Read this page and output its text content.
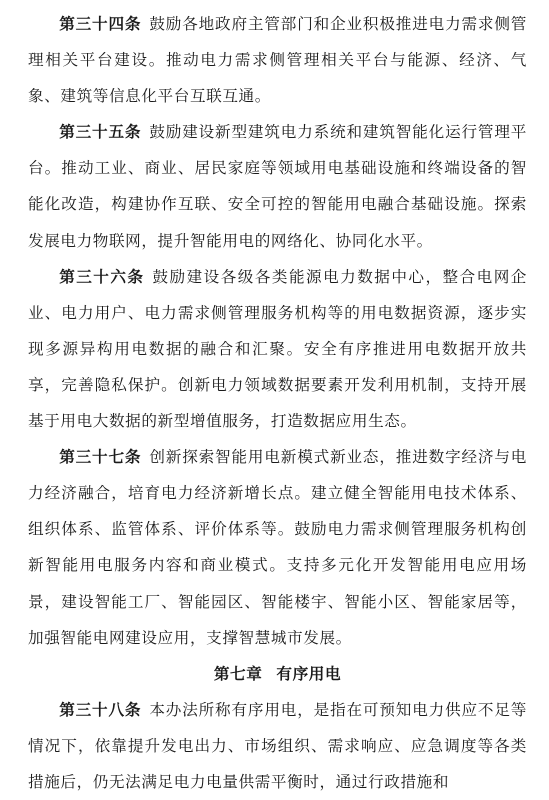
第三十四条 鼓励各地政府主管部门和企业积极推进电力需求侧管理相关平台建设。推动电力需求侧管理相关平台与能源、经济、气象、建筑等信息化平台互联互通。

第三十五条 鼓励建设新型建筑电力系统和建筑智能化运行管理平台。推动工业、商业、居民家庭等领域用电基础设施和终端设备的智能化改造，构建协作互联、安全可控的智能用电融合基础设施。探索发展电力物联网，提升智能用电的网络化、协同化水平。

第三十六条 鼓励建设各级各类能源电力数据中心，整合电网企业、电力用户、电力需求侧管理服务机构等的用电数据资源，逐步实现多源异构用电数据的融合和汇聚。安全有序推进用电数据开放共享，完善隐私保护。创新电力领域数据要素开发利用机制，支持开展基于用电大数据的新型增值服务，打造数据应用生态。

第三十七条 创新探索智能用电新模式新业态，推进数字经济与电力经济融合，培育电力经济新增长点。建立健全智能用电技术体系、组织体系、监管体系、评价体系等。鼓励电力需求侧管理服务机构创新智能用电服务内容和商业模式。支持多元化开发智能用电应用场景，建设智能工厂、智能园区、智能楼宇、智能小区、智能家居等，加强智能电网建设应用，支撑智慧城市发展。

第七章 有序用电

第三十八条 本办法所称有序用电，是指在可预知电力供应不足等情况下，依靠提升发电出力、市场组织、需求响应、应急调度等各类措施后，仍无法满足电力电量供需平衡时，通过行政措施和
